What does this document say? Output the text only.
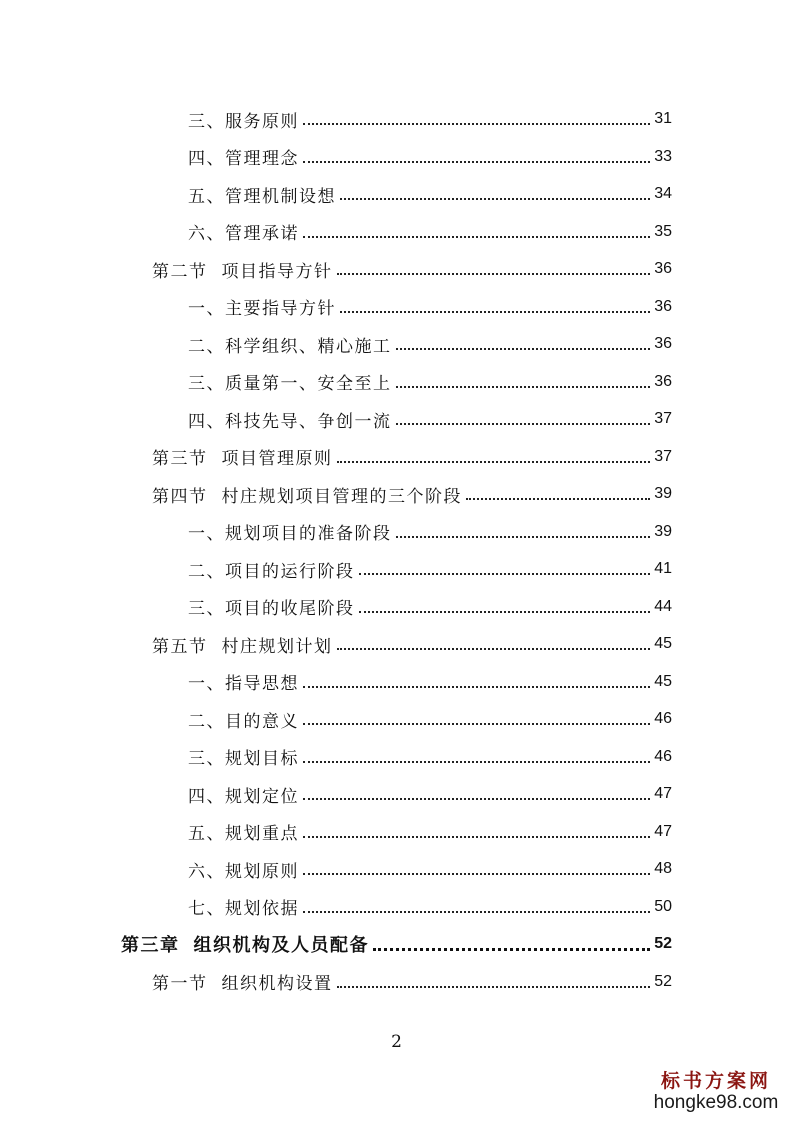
三、服务原则	31
四、管理理念	33
五、管理机制设想	34
六、管理承诺	35
第二节 项目指导方针	36
一、主要指导方针	36
二、科学组织、精心施工	36
三、质量第一、安全至上	36
四、科技先导、争创一流	37
第三节 项目管理原则	37
第四节 村庄规划项目管理的三个阶段	39
一、规划项目的准备阶段	39
二、项目的运行阶段	41
三、项目的收尾阶段	44
第五节 村庄规划计划	45
一、指导思想	45
二、目的意义	46
三、规划目标	46
四、规划定位	47
五、规划重点	47
六、规划原则	48
七、规划依据	50
第三章 组织机构及人员配备	52
第一节 组织机构设置	52
2
标书方案网
hongke98.com
